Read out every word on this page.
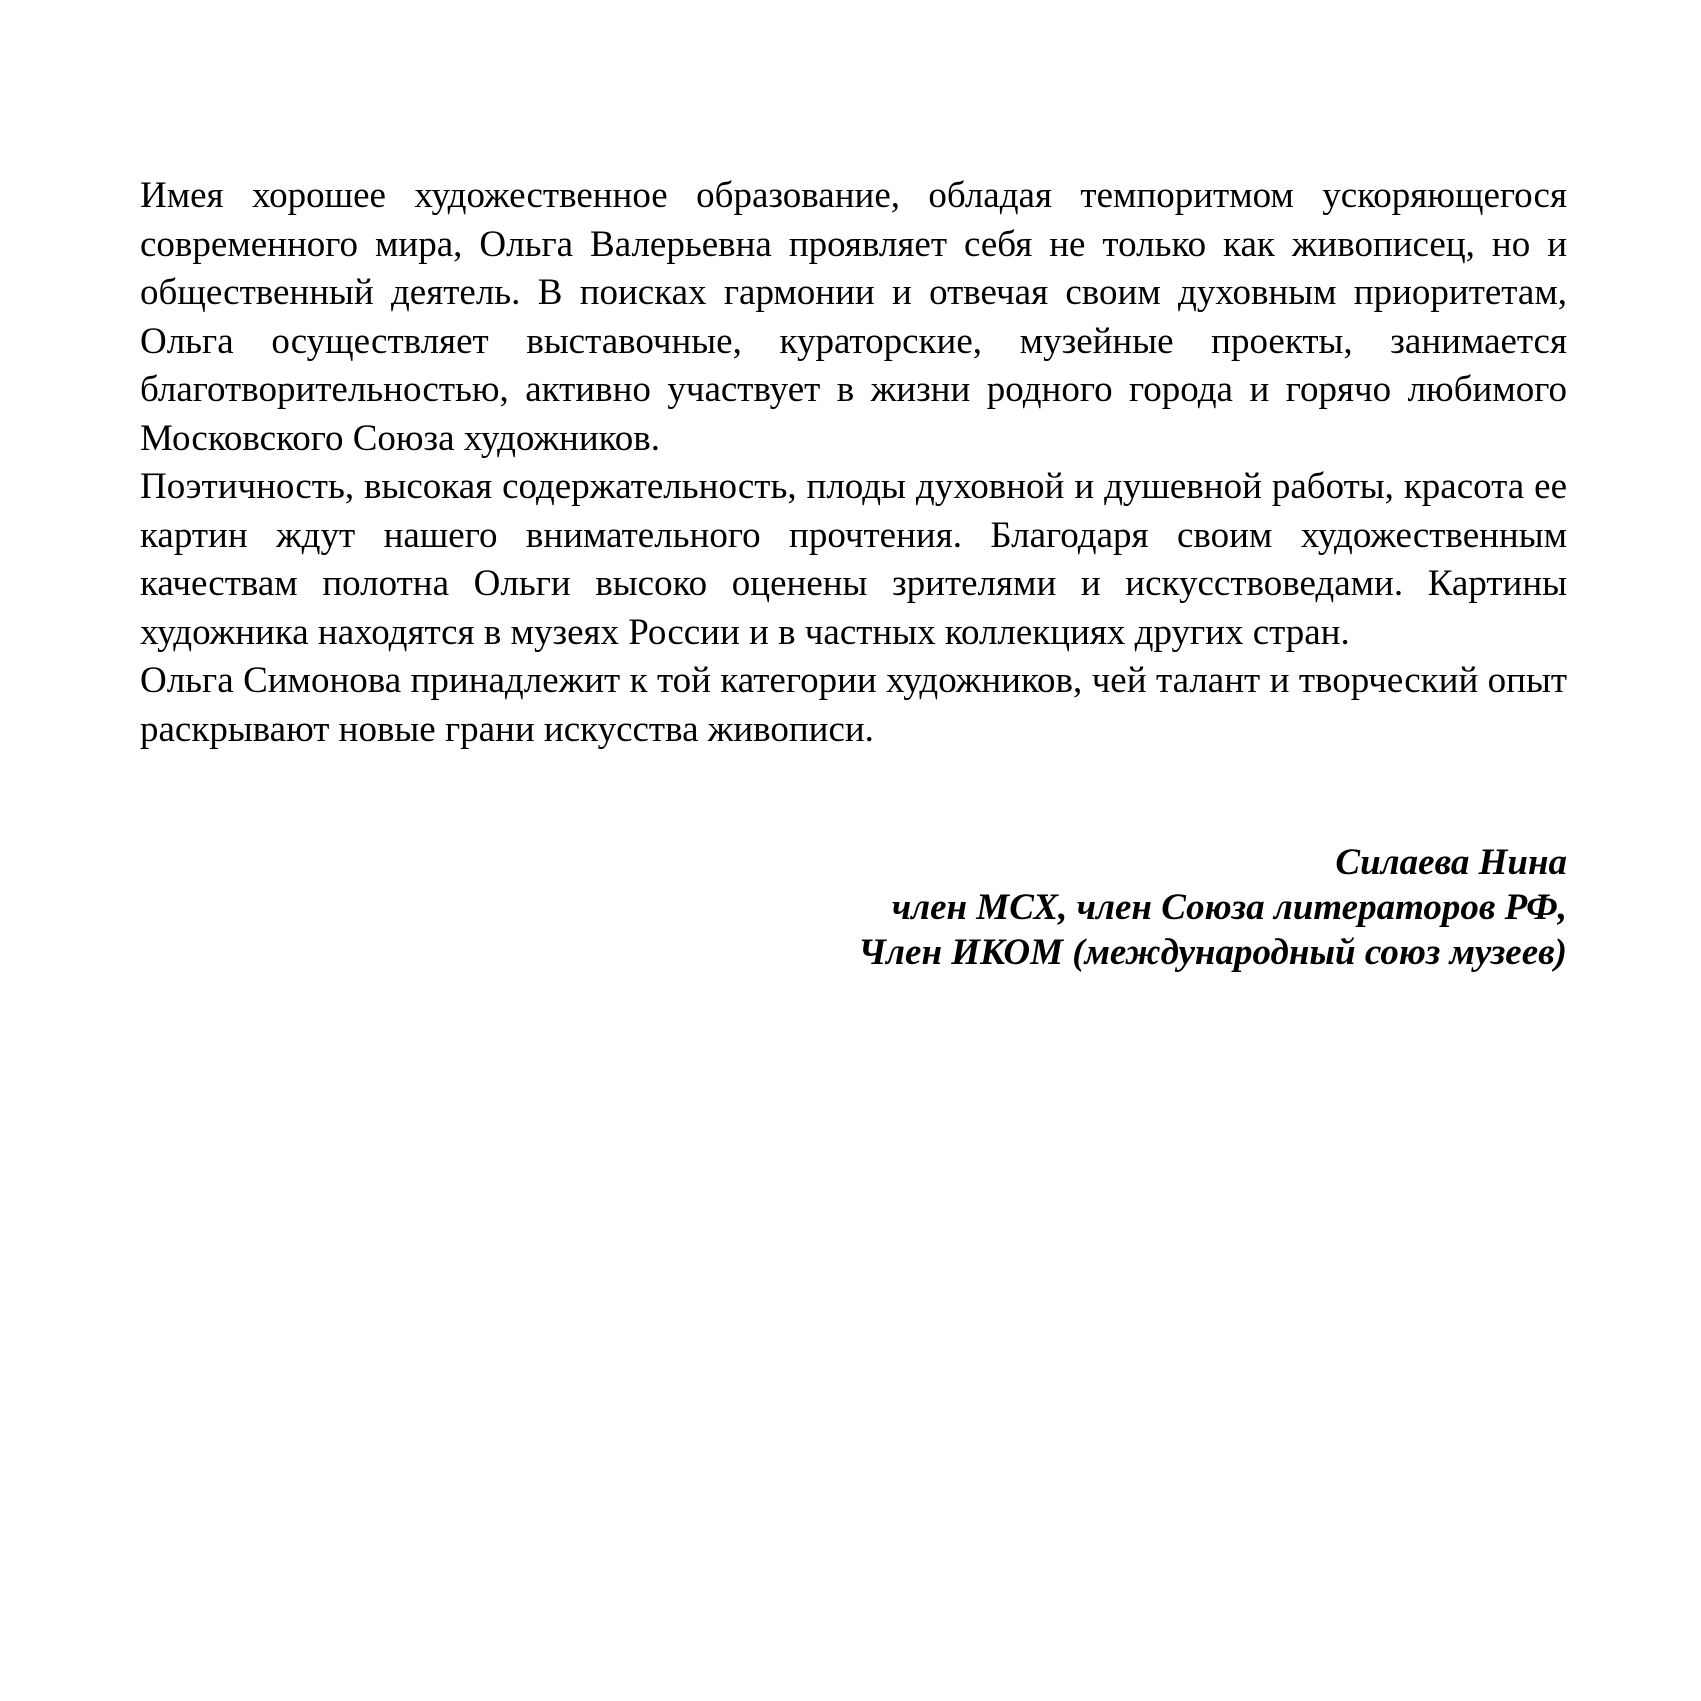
Имея хорошее художественное образование, обладая темпоритмом ускоряющегося современного мира, Ольга Валерьевна проявляет себя не только как живописец, но и общественный деятель. В поисках гармонии и отвечая своим духовным приоритетам, Ольга осуществляет выставочные, кураторские, музейные проекты, занимается благотворительностью, активно участвует в жизни родного города и горячо любимого Московского Союза художников.

Поэтичность, высокая содержательность, плоды духовной и душевной работы, красота ее картин ждут нашего внимательного прочтения. Благодаря своим художественным качествам полотна Ольги высоко оценены зрителями и искусствоведами. Картины художника находятся в музеях России и в частных коллекциях других стран.

Ольга Симонова принадлежит к той категории художников, чей талант и творческий опыт раскрывают новые грани искусства живописи.

Силаева Нина
член МСХ, член Союза литераторов РФ,
Член ИКОМ (международный союз музеев)
